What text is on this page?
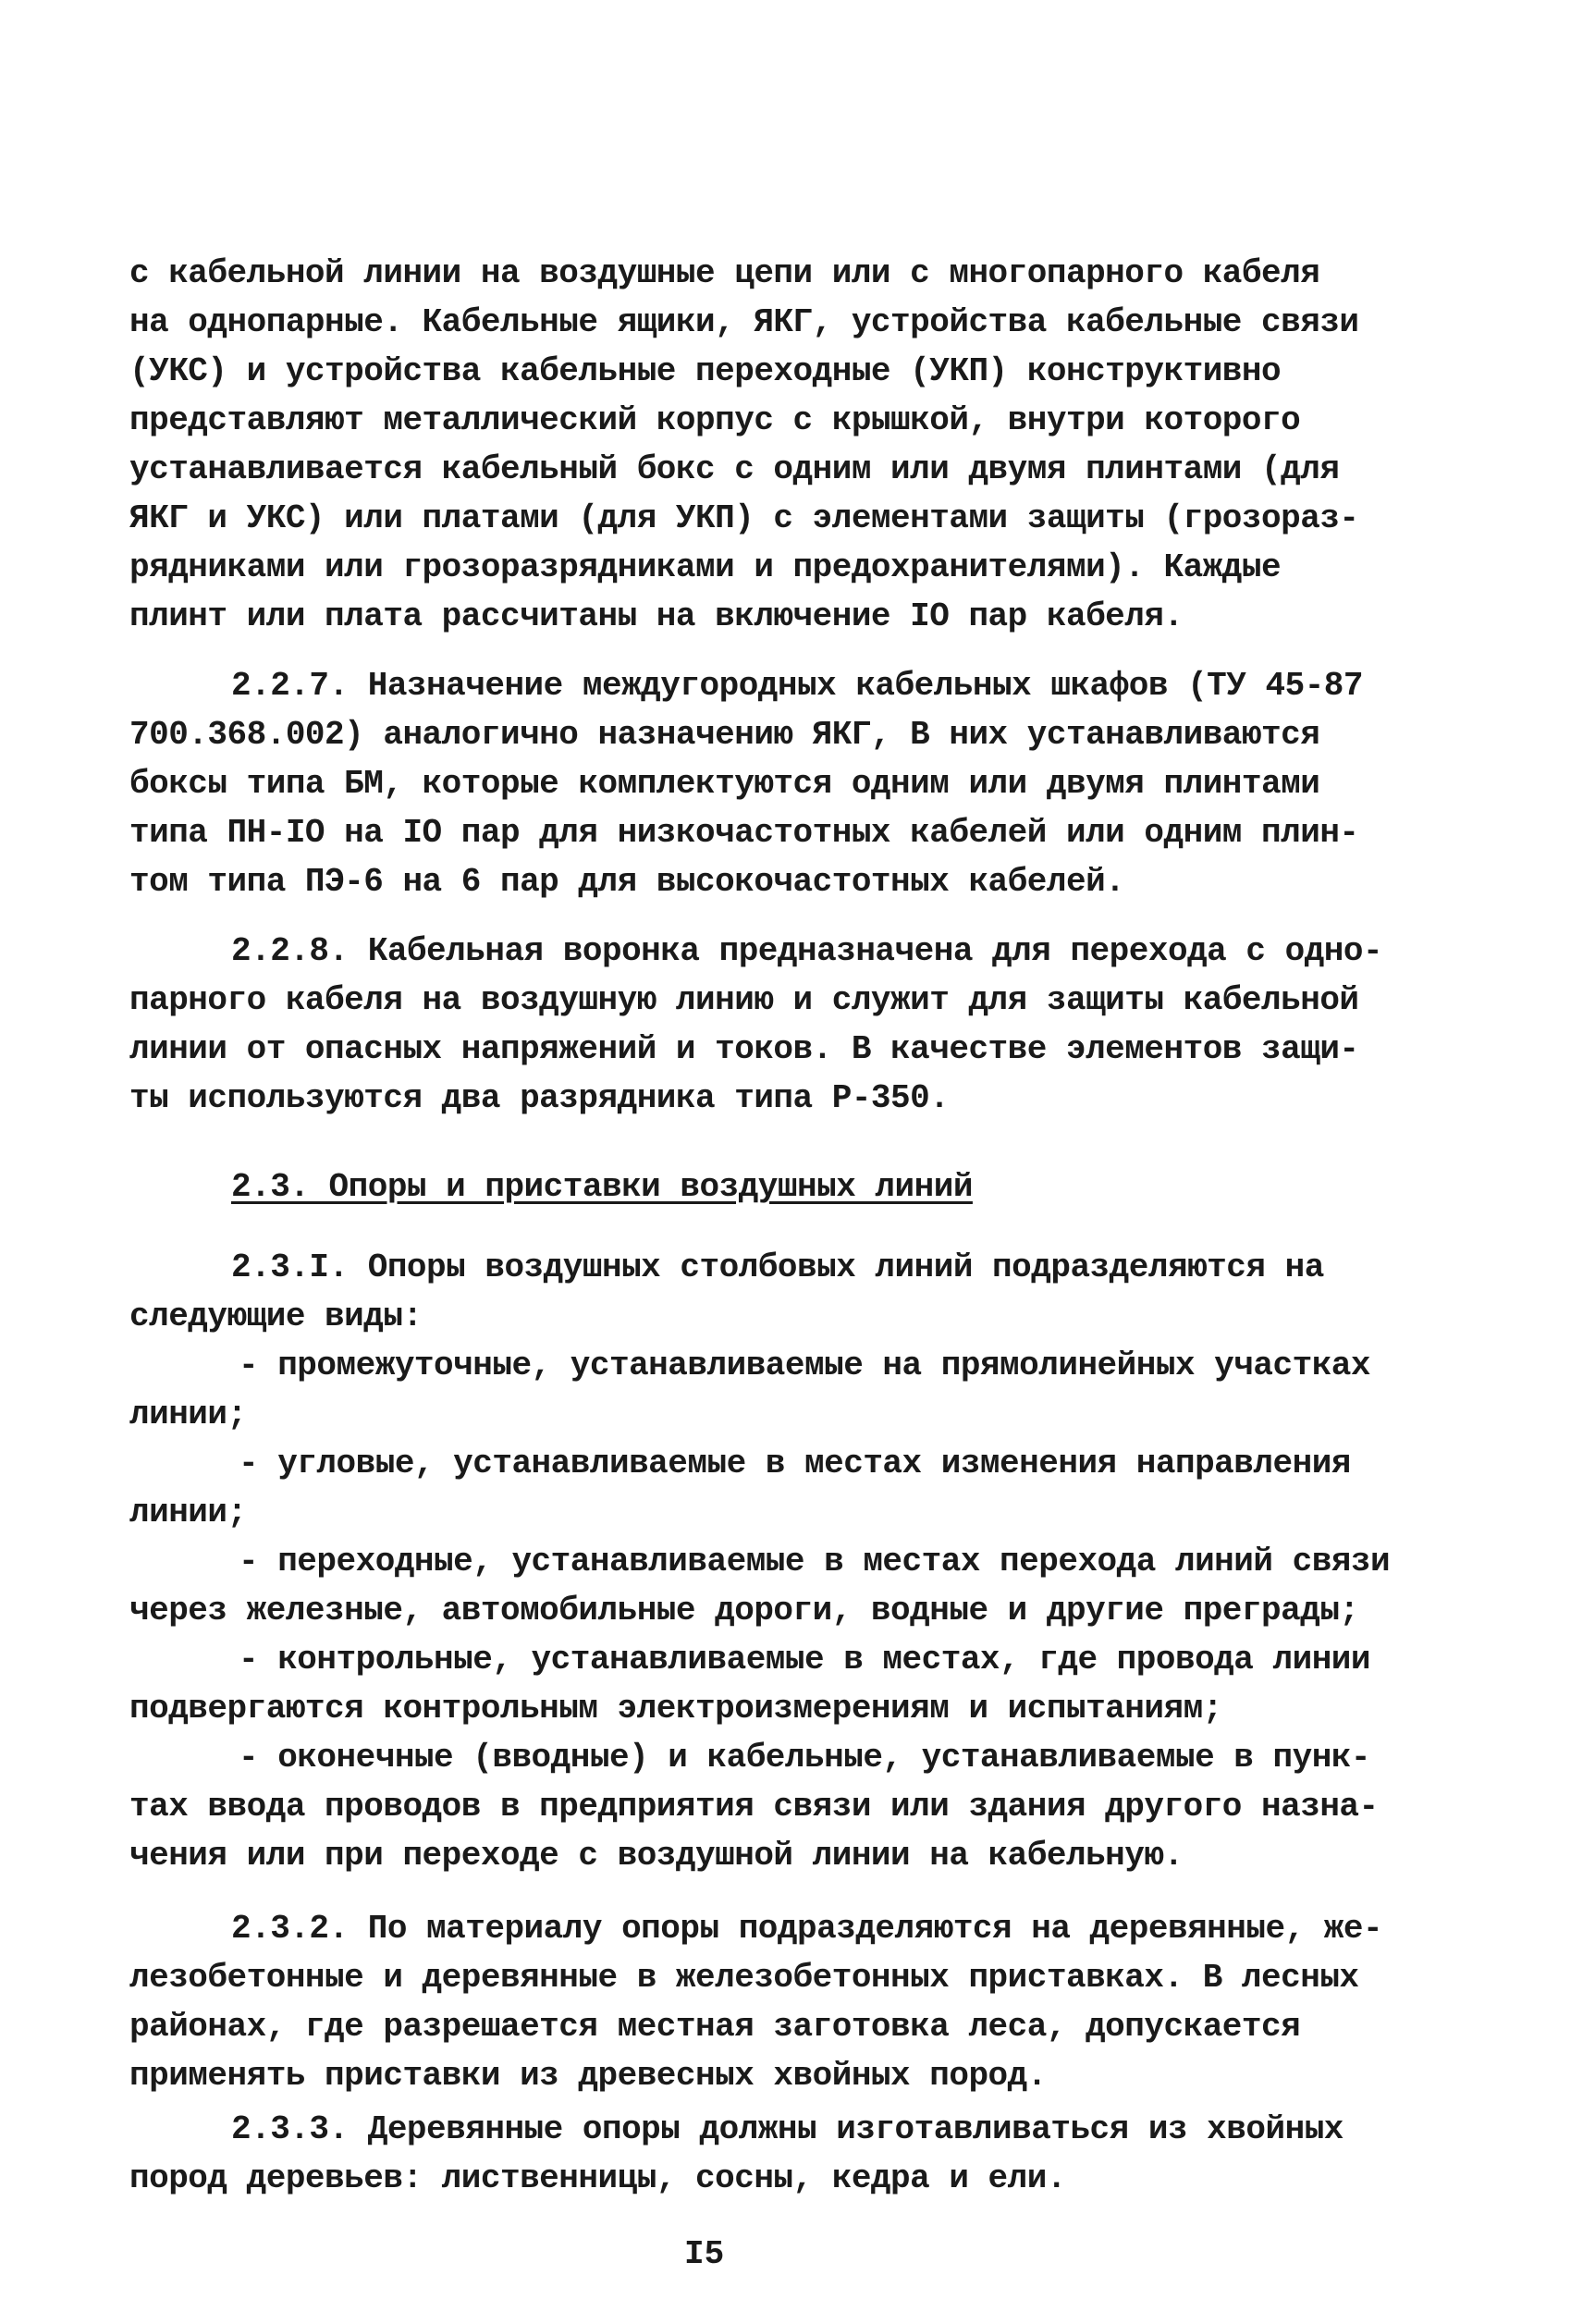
с кабельной линии на воздушные цепи или с многопарного кабеля
на однопарные. Кабельные ящики, ЯКГ, устройства кабельные связи
(УКС) и устройства кабельные переходные (УКП) конструктивно
представляют металлический корпус с крышкой, внутри которого
устанавливается кабельный бокс с одним или двумя плинтами (для
ЯКГ и УКС) или платами (для УКП) с элементами защиты (грозораз-
рядниками или грозоразрядниками и предохранителями). Каждые
плинт или плата рассчитаны на включение IO пар кабеля.
2.2.7. Назначение междугородных кабельных шкафов (ТУ 45-87
700.368.002) аналогично назначению ЯКГ, В них устанавливаются
боксы типа БМ, которые комплектуются одним или двумя плинтами
типа ПН-IO на IO пар для низкочастотных кабелей или одним плин-
том типа ПЭ-6 на 6 пар для высокочастотных кабелей.
2.2.8. Кабельная воронка предназначена для перехода с одно-
парного кабеля на воздушную линию и служит для защиты кабельной
линии от опасных напряжений и токов. В качестве элементов защи-
ты используются два разрядника типа Р-350.
2.3. Опоры и приставки воздушных линий
2.3.I. Опоры воздушных столбовых линий подразделяются на
следующие виды:
- промежуточные, устанавливаемые на прямолинейных участках
линии;
- угловые, устанавливаемые в местах изменения направления
линии;
- переходные, устанавливаемые в местах перехода линий связи
через железные, автомобильные дороги, водные и другие преграды;
- контрольные, устанавливаемые в местах, где провода линии
подвергаются контрольным электроизмерениям и испытаниям;
- оконечные (вводные) и кабельные, устанавливаемые в пунк-
тах ввода проводов в предприятия связи или здания другого назна-
чения или при переходе с воздушной линии на кабельную.
2.3.2. По материалу опоры подразделяются на деревянные, же-
лезобетонные и деревянные в железобетонных приставках. В лесных
районах, где разрешается местная заготовка леса, допускается
применять приставки из древесных хвойных пород.
2.3.3. Деревянные опоры должны изготавливаться из хвойных
пород деревьев: лиственницы, сосны, кедра и ели.
I5
